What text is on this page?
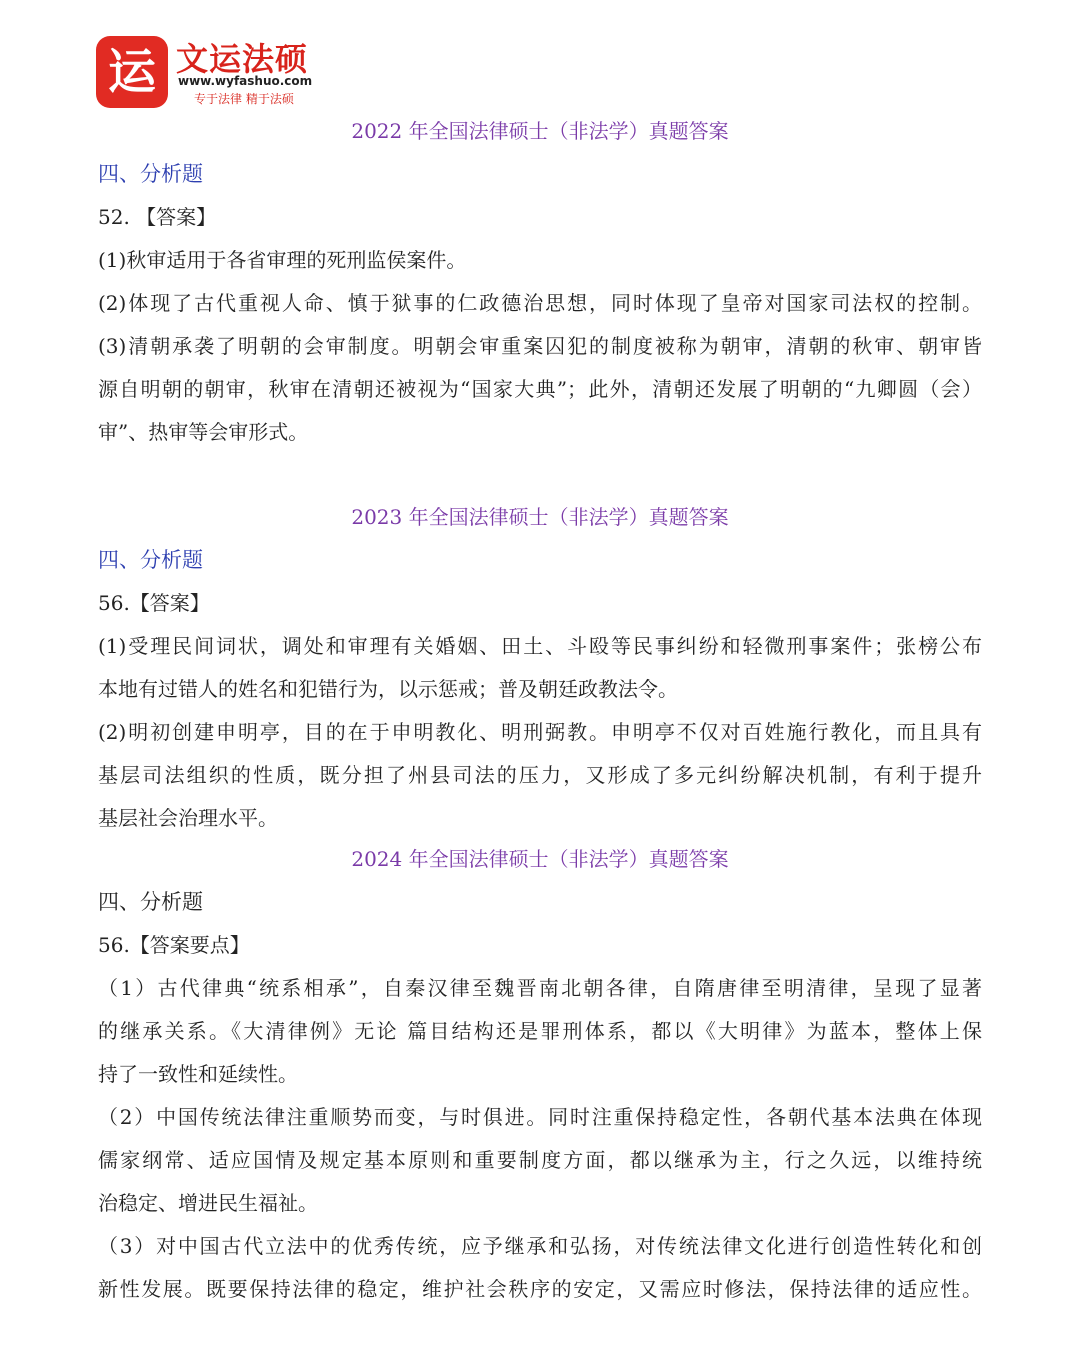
运 文运法硕
www.wyfashuo.com
专于法律 精于法硕
2022 年全国法律硕士（非法学）真题答案
四、分析题
52. 【答案】
(1)秋审适用于各省审理的死刑监侯案件。
(2)体现了古代重视人命、慎于狱事的仁政德治思想，同时体现了皇帝对国家司法权的控制。
(3)清朝承袭了明朝的会审制度。明朝会审重案囚犯的制度被称为朝审，清朝的秋审、朝审皆
源自明朝的朝审，秋审在清朝还被视为“国家大典”；此外，清朝还发展了明朝的“九卿圆（会）
审”、热审等会审形式。
2023 年全国法律硕士（非法学）真题答案
四、分析题
56.【答案】
(1)受理民间词状，调处和审理有关婚姻、田土、斗殴等民事纠纷和轻微刑事案件；张榜公布
本地有过错人的姓名和犯错行为，以示惩戒；普及朝廷政教法令。
(2)明初创建申明亭，目的在于申明教化、明刑弼教。申明亭不仅对百姓施行教化，而且具有
基层司法组织的性质，既分担了州县司法的压力，又形成了多元纠纷解决机制，有利于提升
基层社会治理水平。
2024 年全国法律硕士（非法学）真题答案
四、分析题
56.【答案要点】
（1）古代律典“统系相承”，自秦汉律至魏晋南北朝各律，自隋唐律至明清律，呈现了显著
的继承关系。《大清律例》无论 篇目结构还是罪刑体系，都以《大明律》为蓝本，整体上保
持了一致性和延续性。
（2）中国传统法律注重顺势而变，与时俱进。同时注重保持稳定性，各朝代基本法典在体现
儒家纲常、适应国情及规定基本原则和重要制度方面，都以继承为主，行之久远，以维持统
治稳定、增进民生福祉。
（3）对中国古代立法中的优秀传统，应予继承和弘扬，对传统法律文化进行创造性转化和创
新性发展。既要保持法律的稳定，维护社会秩序的安定，又需应时修法，保持法律的适应性。
